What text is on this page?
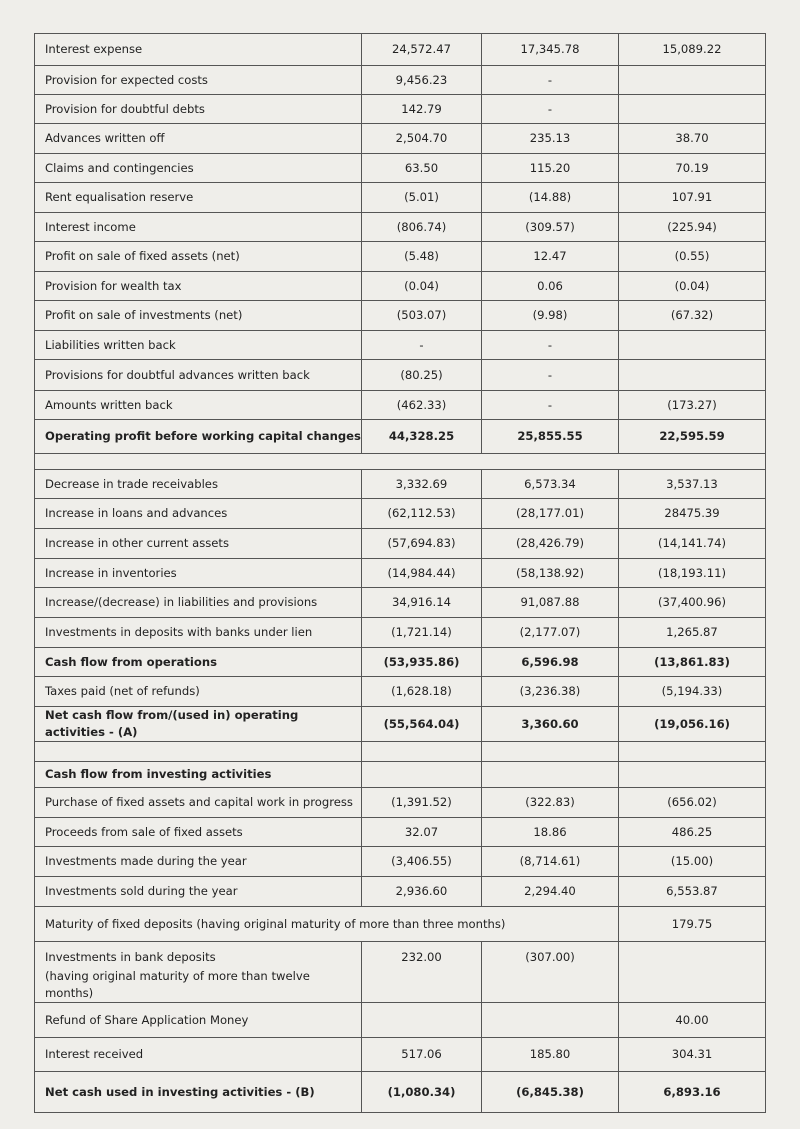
Interest expense	24,572.47	17,345.78	15,089.22
Provision for expected costs	9,456.23	-	
Provision for doubtful debts	142.79	-	
Advances written off	2,504.70	235.13	38.70
Claims and contingencies	63.50	115.20	70.19
Rent equalisation reserve	(5.01)	(14.88)	107.91
Interest income	(806.74)	(309.57)	(225.94)
Profit on sale of fixed assets (net)	(5.48)	12.47	(0.55)
Provision for wealth tax	(0.04)	0.06	(0.04)
Profit on sale of investments (net)	(503.07)	(9.98)	(67.32)
Liabilities written back	-	-	
Provisions for doubtful advances written back	(80.25)	-	
Amounts written back	(462.33)	-	(173.27)
Operating profit before working capital changes	44,328.25	25,855.55	22,595.59

Decrease in trade receivables	3,332.69	6,573.34	3,537.13
Increase in loans and advances	(62,112.53)	(28,177.01)	28475.39
Increase in other current assets	(57,694.83)	(28,426.79)	(14,141.74)
Increase in inventories	(14,984.44)	(58,138.92)	(18,193.11)
Increase/(decrease) in liabilities and provisions	34,916.14	91,087.88	(37,400.96)
Investments in deposits with banks under lien	(1,721.14)	(2,177.07)	1,265.87
Cash flow from operations	(53,935.86)	6,596.98	(13,861.83)
Taxes paid (net of refunds)	(1,628.18)	(3,236.38)	(5,194.33)
Net cash flow from/(used in) operating activities - (A)	(55,564.04)	3,360.60	(19,056.16)

Cash flow from investing activities			
Purchase of fixed assets and capital work in progress	(1,391.52)	(322.83)	(656.02)
Proceeds from sale of fixed assets	32.07	18.86	486.25
Investments made during the year	(3,406.55)	(8,714.61)	(15.00)
Investments sold during the year	2,936.60	2,294.40	6,553.87
Maturity of fixed deposits (having original maturity of more than three months)			179.75

Investments in bank deposits
(having original maturity of more than twelve months)	232.00	(307.00)	
Refund of Share Application Money			40.00
Interest received	517.06	185.80	304.31
Net cash used in investing activities - (B)	(1,080.34)	(6,845.38)	6,893.16
